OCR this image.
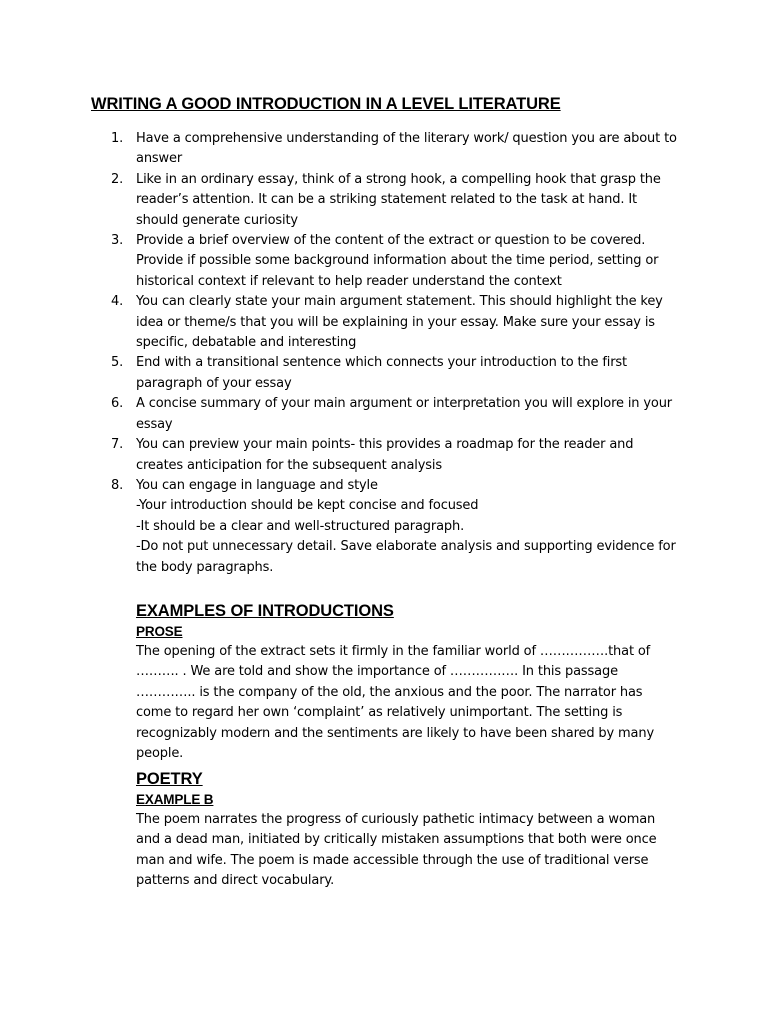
WRITING A GOOD INTRODUCTION IN A LEVEL LITERATURE
1. Have a comprehensive understanding of the literary work/ question you are about to answer
2. Like in an ordinary essay, think of a strong hook, a compelling hook that grasp the reader’s attention. It can be a striking statement related to the task at hand. It should generate curiosity
3. Provide a brief overview of the content of the extract or question to be covered. Provide if possible some background information about the time period, setting or historical context if relevant to help reader understand the context
4. You can clearly state your main argument statement. This should highlight the key idea or theme/s that you will be explaining in your essay. Make sure your essay is specific, debatable and interesting
5. End with a transitional sentence which connects your introduction to the first paragraph of your essay
6. A concise summary of your main argument or interpretation you will explore in your essay
7. You can preview your main points- this provides a roadmap for the reader and creates anticipation for the subsequent analysis
8. You can engage in language and style
-Your introduction should be kept concise and focused
-It should be a clear and well-structured paragraph.
-Do not put unnecessary detail. Save elaborate analysis and supporting evidence for the body paragraphs.
EXAMPLES OF INTRODUCTIONS
PROSE

The opening of the extract sets it firmly in the familiar world of …………….that of ………. . We are told and show the importance of ……………. In this passage ………….. is the company of the old, the anxious and the poor. The narrator has come to regard her own ‘complaint’ as relatively unimportant. The setting is recognizably modern and the sentiments are likely to have been shared by many people.

POETRY
EXAMPLE B

The poem narrates the progress of curiously pathetic intimacy between a woman and a dead man, initiated by critically mistaken assumptions that both were once man and wife. The poem is made accessible through the use of traditional verse patterns and direct vocabulary.
